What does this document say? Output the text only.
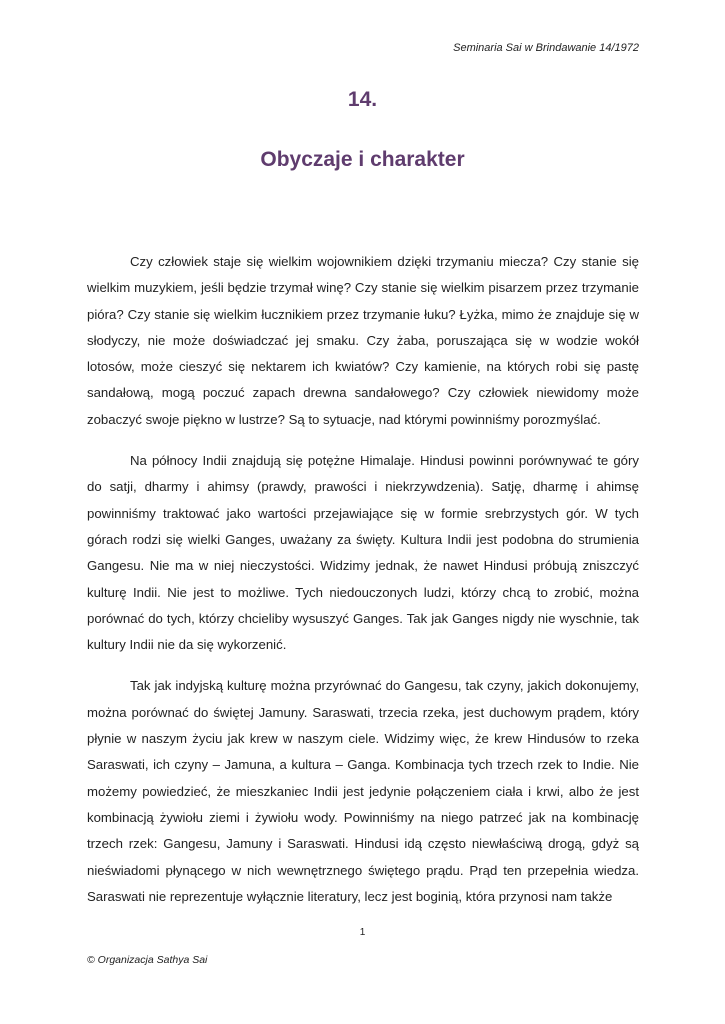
Seminaria Sai w Brindawanie 14/1972
14.
Obyczaje i charakter

Czy człowiek staje się wielkim wojownikiem dzięki trzymaniu miecza? Czy stanie się wielkim muzykiem, jeśli będzie trzymał winę? Czy stanie się wielkim pisarzem przez trzymanie pióra? Czy stanie się wielkim łucznikiem przez trzymanie łuku? Łyżka, mimo że znajduje się w słodyczy, nie może doświadczać jej smaku. Czy żaba, poruszająca się w wodzie wokół lotosów, może cieszyć się nektarem ich kwiatów? Czy kamienie, na których robi się pastę sandałową, mogą poczuć zapach drewna sandałowego? Czy człowiek niewidomy może zobaczyć swoje piękno w lustrze? Są to sytuacje, nad którymi powinniśmy porozmyślać.

Na północy Indii znajdują się potężne Himalaje. Hindusi powinni porównywać te góry do satji, dharmy i ahimsy (prawdy, prawości i niekrzywdzenia). Satję, dharmę i ahimsę powinniśmy traktować jako wartości przejawiające się w formie srebrzystych gór. W tych górach rodzi się wielki Ganges, uważany za święty. Kultura Indii jest podobna do strumienia Gangesu. Nie ma w niej nieczystości. Widzimy jednak, że nawet Hindusi próbują zniszczyć kulturę Indii. Nie jest to możliwe. Tych niedouczonych ludzi, którzy chcą to zrobić, można porównać do tych, którzy chcieliby wysuszyć Ganges. Tak jak Ganges nigdy nie wyschnie, tak kultury Indii nie da się wykorzenić.

Tak jak indyjską kulturę można przyrównać do Gangesu, tak czyny, jakich dokonujemy, można porównać do świętej Jamuny. Saraswati, trzecia rzeka, jest duchowym prądem, który płynie w naszym życiu jak krew w naszym ciele. Widzimy więc, że krew Hindusów to rzeka Saraswati, ich czyny – Jamuna, a kultura – Ganga. Kombinacja tych trzech rzek to Indie. Nie możemy powiedzieć, że mieszkaniec Indii jest jedynie połączeniem ciała i krwi, albo że jest kombinacją żywiołu ziemi i żywiołu wody. Powinniśmy na niego patrzeć jak na kombinację trzech rzek: Gangesu, Jamuny i Saraswati. Hindusi idą często niewłaściwą drogą, gdyż są nieświadomi płynącego w nich wewnętrznego świętego prądu. Prąd ten przepełnia wiedza. Saraswati nie reprezentuje wyłącznie literatury, lecz jest boginią, która przynosi nam także

1
© Organizacja Sathya Sai
